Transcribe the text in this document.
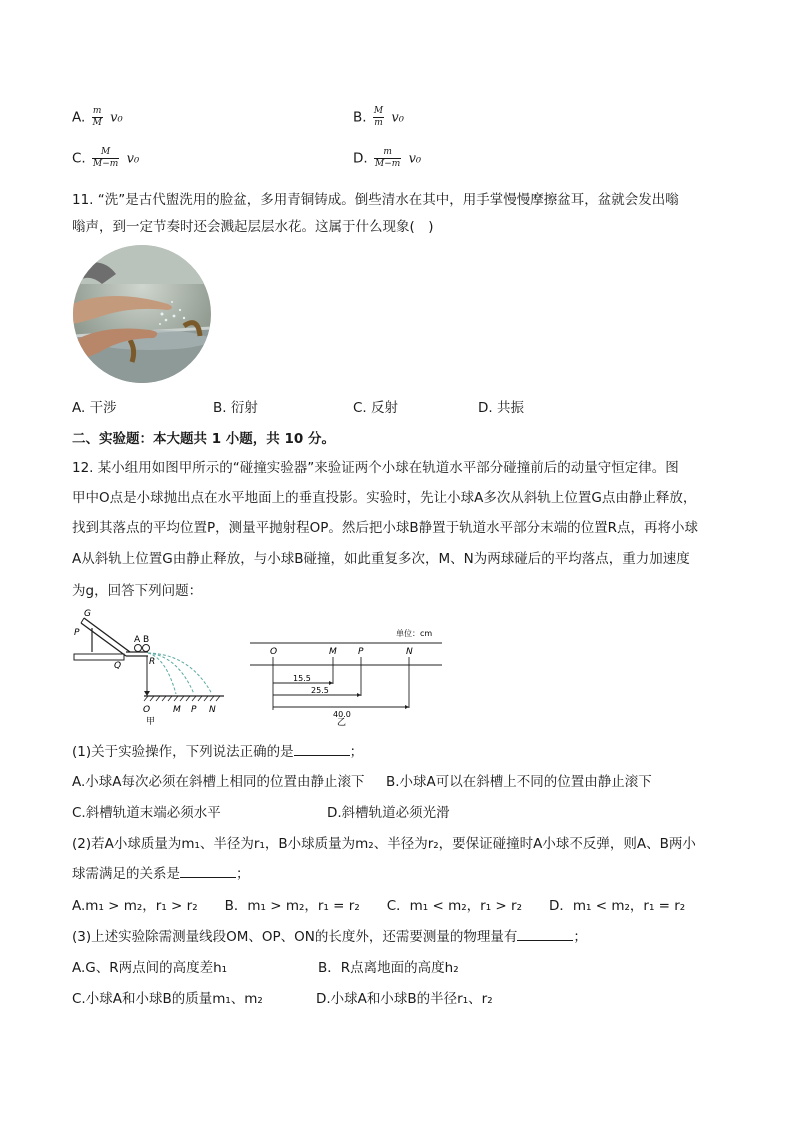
A. $\frac{m}{M} v_0$	B. $\frac{M}{m} v_0$
C. $\frac{M}{M-m} v_0$	D. $\frac{m}{M-m} v_0$
11. “洗”是古代盥洗用的脸盆，多用青铜铸成。倒些清水在其中，用手掌慢慢摩擦盆耳，盆就会发出嗡
嗡声，到一定节奏时还会溅起层层水花。这属于什么现象(　)
A. 干涉	B. 衍射	C. 反射	D. 共振
二、实验题：本大题共 1 小题，共 10 分。
12. 某小组用如图甲所示的“碰撞实验器”来验证两个小球在轨道水平部分碰撞前后的动量守恒定律。图
甲中O点是小球抛出点在水平地面上的垂直投影。实验时，先让小球A多次从斜轨上位置G点由静止释放，
找到其落点的平均位置P，测量平抛射程OP。然后把小球B静置于轨道水平部分末端的位置R点，再将小球
A从斜轨上位置G由静止释放，与小球B碰撞，如此重复多次，M、N为两球碰后的平均落点，重力加速度
为g，回答下列问题：
G
P
Q
A B
R
O	M P N
甲
单位：cm
O	M P	N
15.5
25.5
40.0
乙
(1)关于实验操作，下列说法正确的是	；
A.小球A每次必须在斜槽上相同的位置由静止滚下 B.小球A可以在斜槽上不同的位置由静止滚下
C.斜槽轨道末端必须水平	D.斜槽轨道必须光滑
(2)若A小球质量为m₁、半径为r₁，B小球质量为m₂、半径为r₂，要保证碰撞时A小球不反弹，则A、B两小
球需满足的关系是	；
A.m₁ > m₂，r₁ > r₂　　B．m₁ > m₂，r₁ = r₂　　C．m₁ < m₂，r₁ > r₂　　D．m₁ < m₂，r₁ = r₂
(3)上述实验除需测量线段OM、OP、ON的长度外，还需要测量的物理量有	；
A.G、R两点间的高度差h₁	B．R点离地面的高度h₂
C.小球A和小球B的质量m₁、m₂	D.小球A和小球B的半径r₁、r₂
